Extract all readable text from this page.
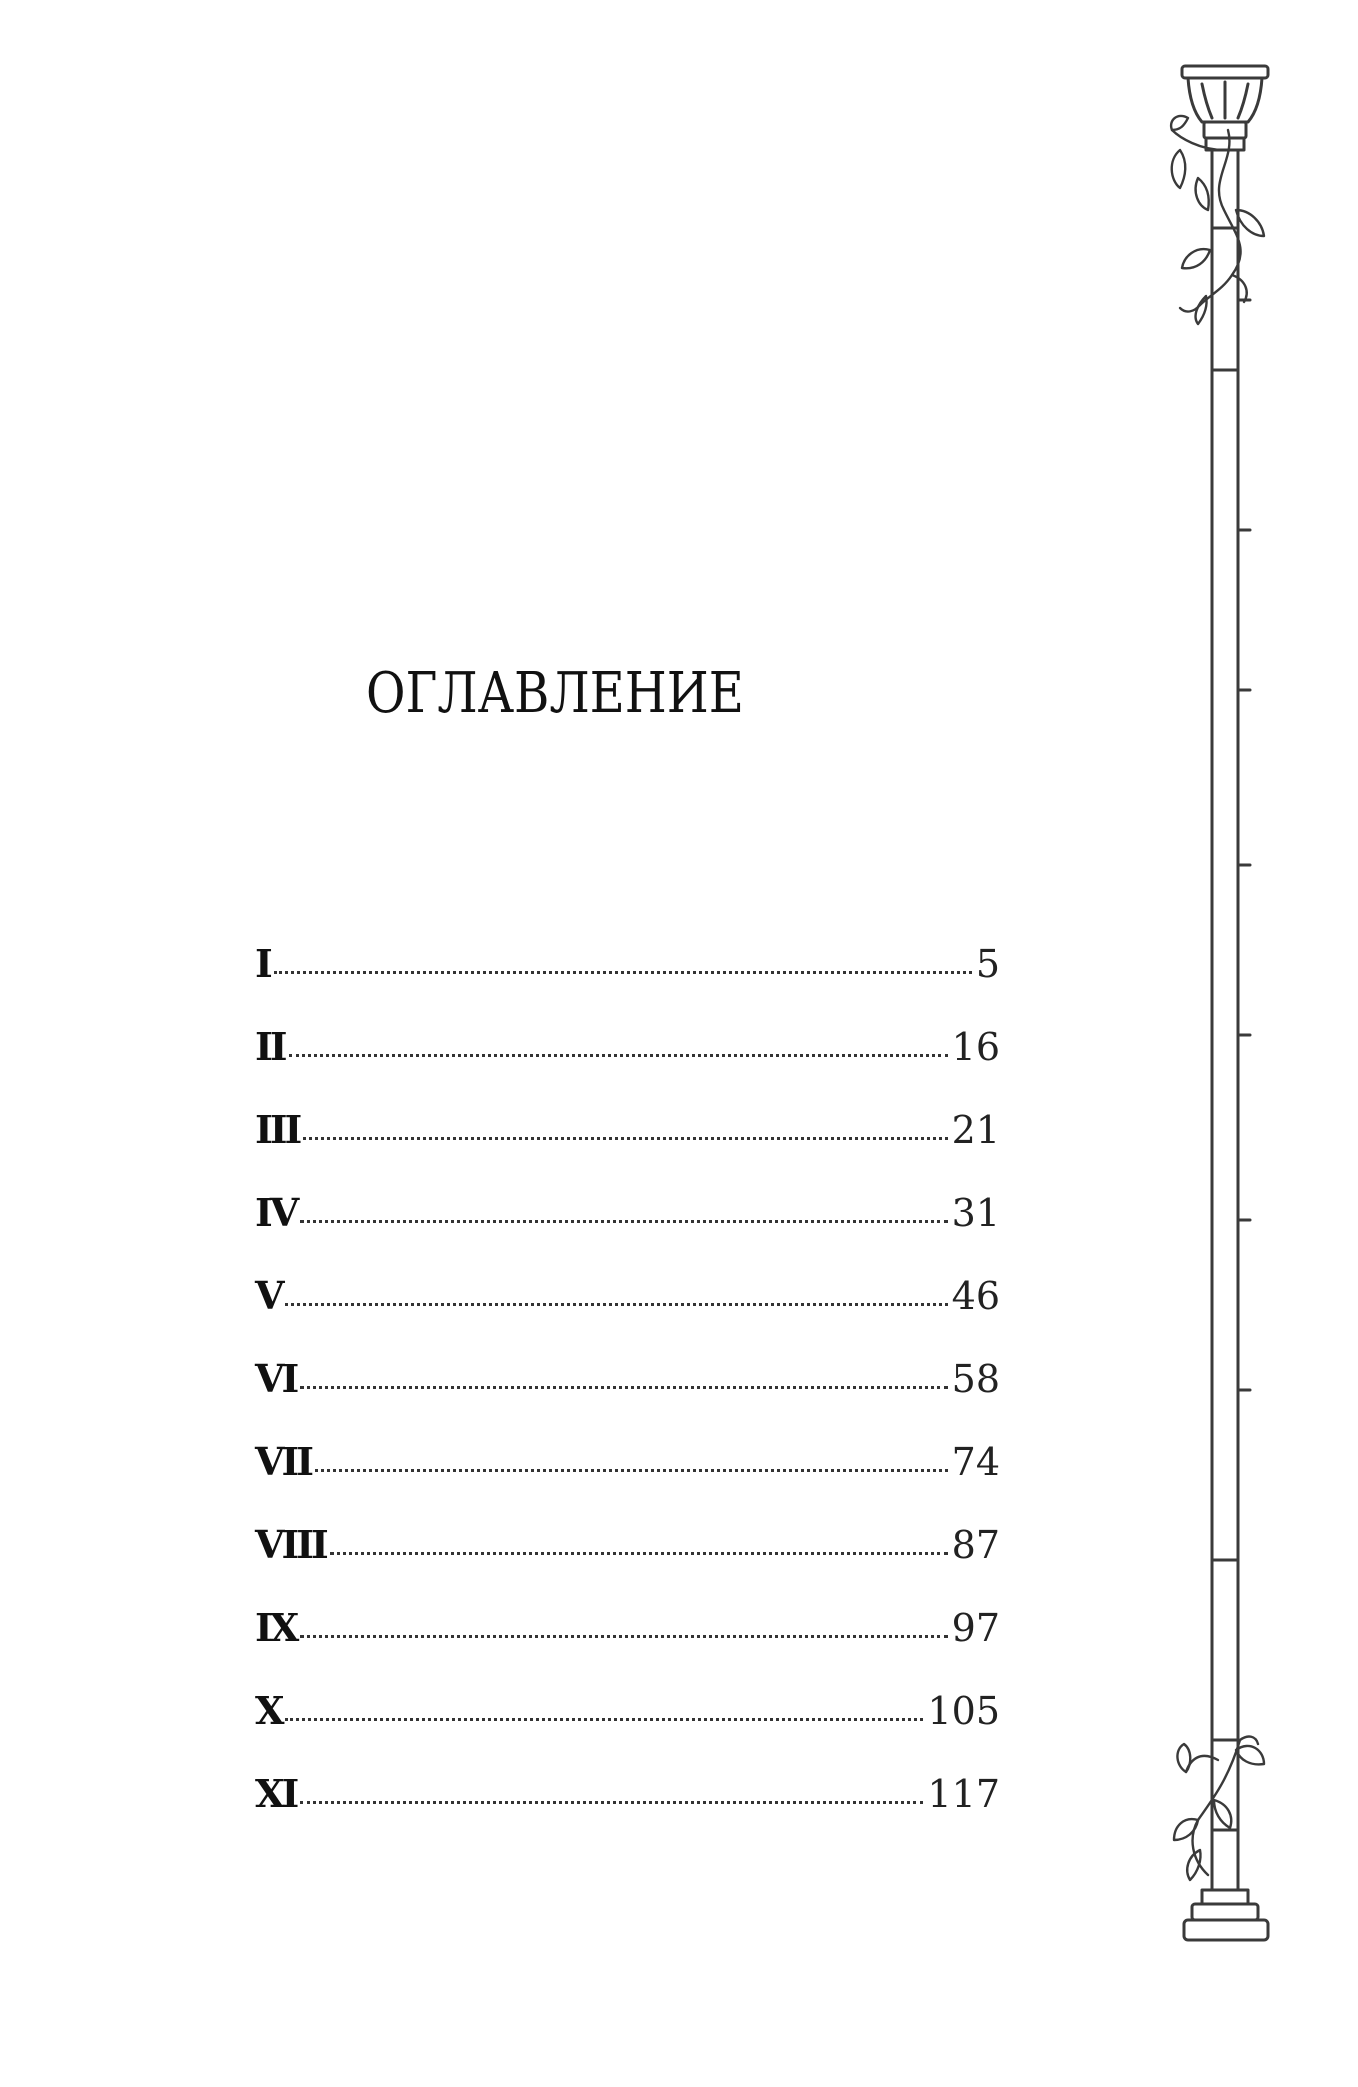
ОГЛАВЛЕНИЕ
I	5
II	16
III	21
IV	31
V	46
VI	58
VII	74
VIII	87
IX	97
X	105
XI	117
